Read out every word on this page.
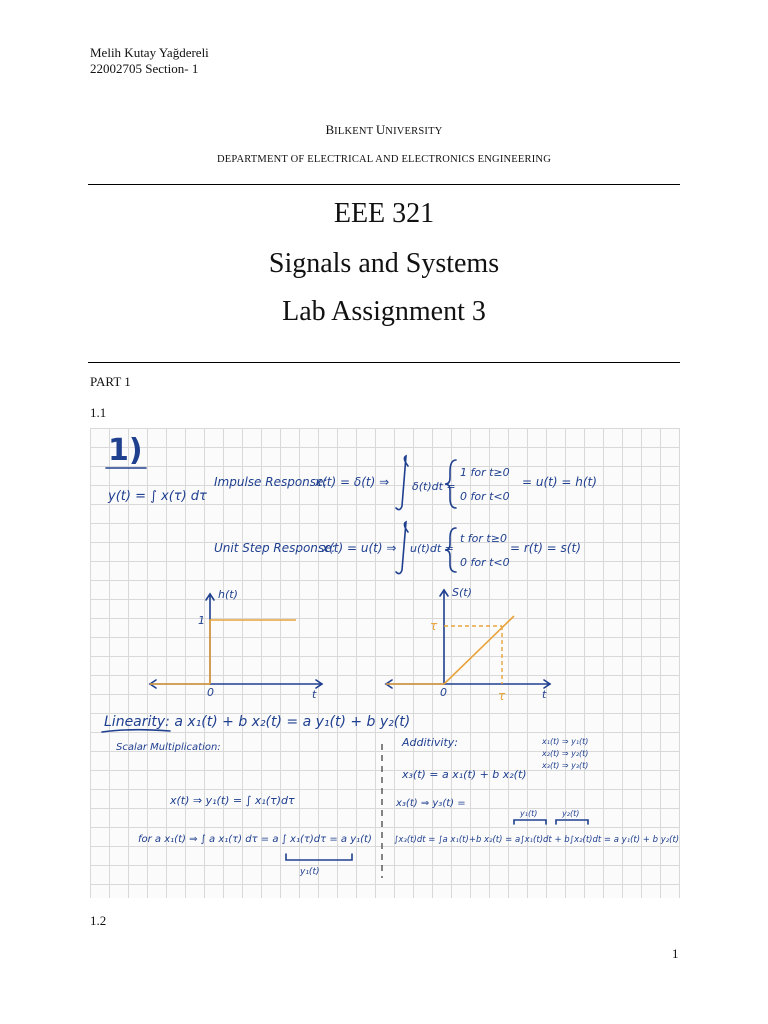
Melih Kutay Yağdereli
22002705 Section- 1
BILKENT UNIVERSITY
DEPARTMENT OF ELECTRICAL AND ELECTRONICS ENGINEERING
EEE 321
Signals and Systems
Lab Assignment 3
PART 1
1.1
1)
y(t) = ∫ x(τ) dτ
Impulse Response:
x(t) = δ(t) ⇒ δ(t)dt =
1 for t≥0
0 for t<0
= u(t) = h(t)
Unit Step Response:
x(t) = u(t) ⇒ u(t)dt =
t for t≥0
0 for t<0
= r(t) = s(t)
h(t)
1
0	t
S(t)
τ
τ
0	t
Linearity: a x₁(t) + b x₂(t) = a y₁(t) + b y₂(t)
Scalar Multiplication:
x(t) ⇒ y₁(t) = ∫ x₁(τ)dτ
for a x₁(t) ⇒ ∫ a x₁(τ) dτ = a ∫ x₁(τ)dτ = a y₁(t)
y₁(t)
Additivity:	x₁(t) ⇒ y₁(t)
x₂(t) ⇒ y₂(t)
x₃(t) ⇒ y₃(t)
x₃(t) = a x₁(t) + b x₂(t)
x₃(t) ⇒ y₃(t) =
y₁(t)	y₂(t)
∫x₃(t)dt = ∫a x₁(t)+b x₂(t) = a∫x₁(t)dt + b∫x₂(t)dt = a y₁(t) + b y₂(t)
1.2
1
